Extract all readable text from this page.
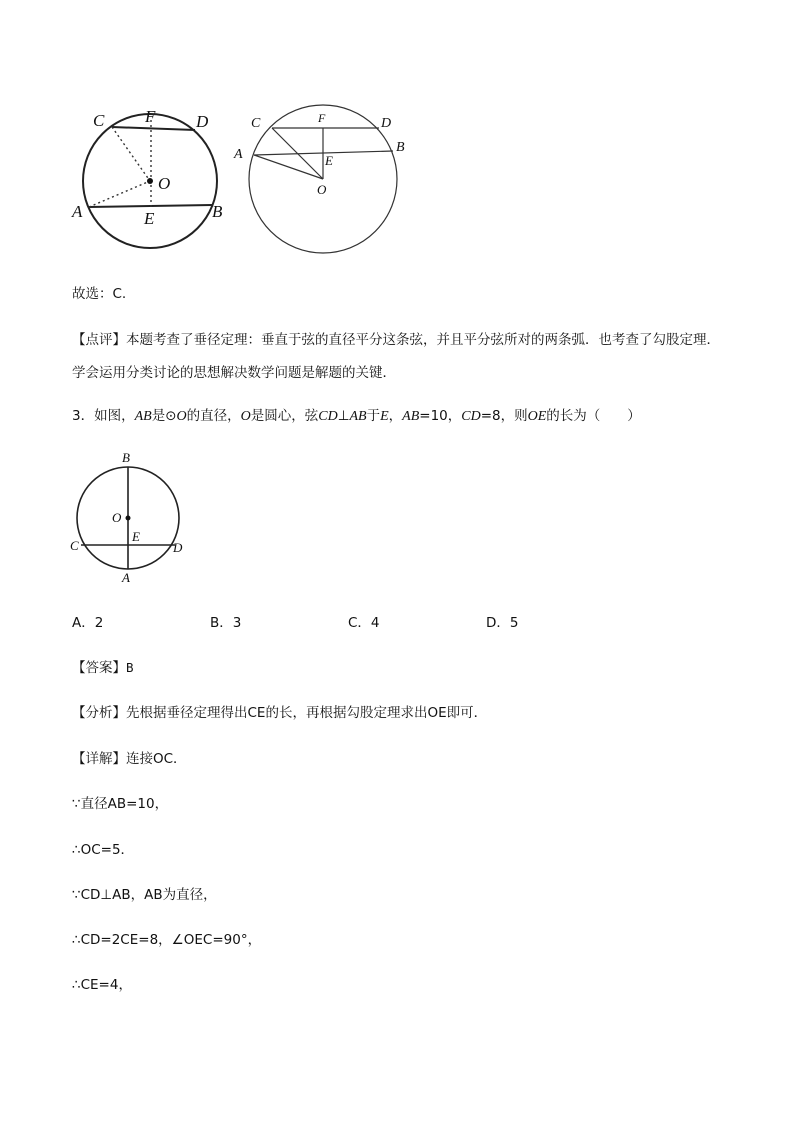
C F D
O
A	E	B
C	F	D
A	E
B
O
故选：C.
【点评】本题考查了垂径定理：垂直于弦的直径平分这条弦，并且平分弦所对的两条弧．也考查了勾股定理．学会运用分类讨论的思想解决数学问题是解题的关键．
3．如图，AB是⊙O的直径，O是圆心，弦CD⊥AB于E，AB=10，CD=8，则OE的长为（　　）
B
O
C
E
D
A
A．2	B．3	C．4	D．5
【答案】B
【分析】先根据垂径定理得出CE的长，再根据勾股定理求出OE即可．
【详解】连接OC．
∵直径AB=10，
∴OC=5．
∵CD⊥AB，AB为直径，
∴CD=2CE=8，∠OEC=90°，
∴CE=4，
